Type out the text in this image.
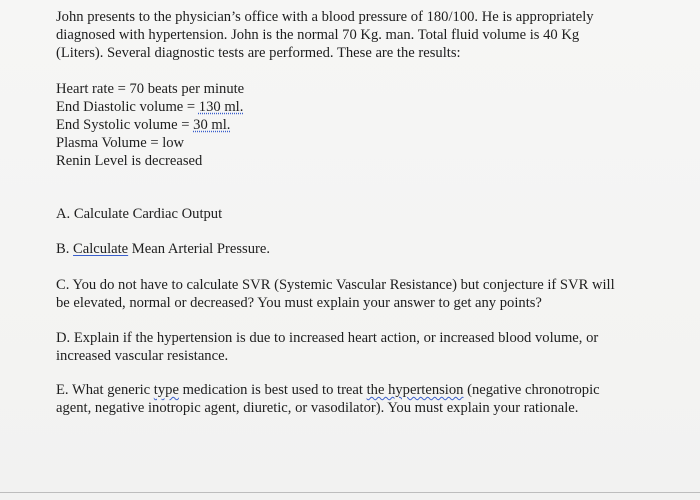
John presents to the physician’s office with a blood pressure of 180/100. He is appropriately
diagnosed with hypertension. John is the normal 70 Kg. man. Total fluid volume is 40 Kg
(Liters). Several diagnostic tests are performed. These are the results:

Heart rate = 70 beats per minute
End Diastolic volume = 130 ml.
End Systolic volume = 30 ml.
Plasma Volume = low
Renin Level is decreased

A. Calculate Cardiac Output

B. Calculate Mean Arterial Pressure.

C. You do not have to calculate SVR (Systemic Vascular Resistance) but conjecture if SVR will
be elevated, normal or decreased? You must explain your answer to get any points?

D. Explain if the hypertension is due to increased heart action, or increased blood volume, or
increased vascular resistance.

E. What generic type medication is best used to treat the hypertension (negative chronotropic
agent, negative inotropic agent, diuretic, or vasodilator). You must explain your rationale.
